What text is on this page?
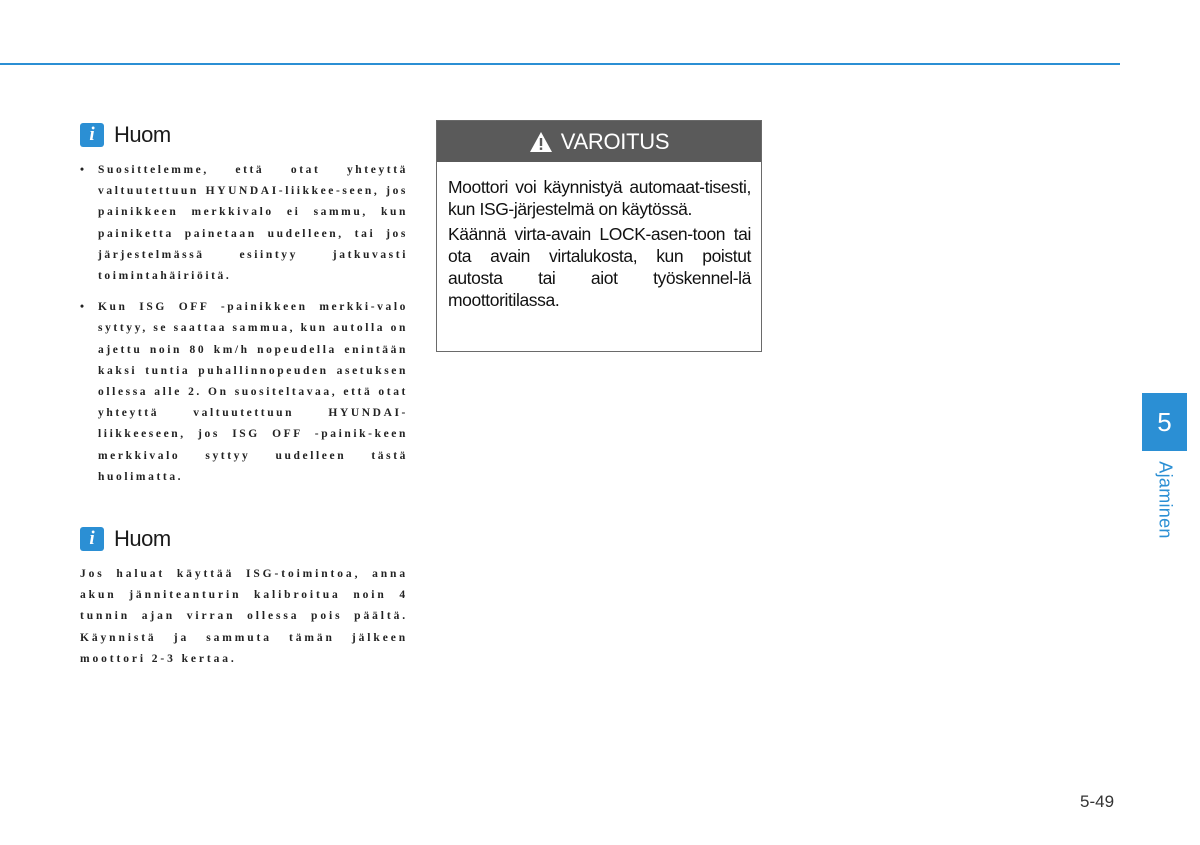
i Huom
• Suosittelemme, että otat yhteyttä valtuutettuun HYUNDAI-liikkee-seen, jos painikkeen merkkivalo ei sammu, kun painiketta painetaan uudelleen, tai jos järjestelmässä esiintyy jatkuvasti toimintahäiriöitä.
• Kun ISG OFF -painikkeen merkki-valo syttyy, se saattaa sammua, kun autolla on ajettu noin 80 km/h nopeudella enintään kaksi tuntia puhallinnopeuden asetuksen ollessa alle 2. On suositeltavaa, että otat yhteyttä valtuutettuun HYUNDAI-liikkeeseen, jos ISG OFF -painik-keen merkkivalo syttyy uudelleen tästä huolimatta.
i Huom

Jos haluat käyttää ISG-toimintoa, anna akun jänniteanturin kalibroitua noin 4 tunnin ajan virran ollessa pois päältä. Käynnistä ja sammuta tämän jälkeen moottori 2-3 kertaa.

VAROITUS

Moottori voi käynnistyä automaat-tisesti, kun ISG-järjestelmä on käytössä.

Käännä virta-avain LOCK-asen-toon tai ota avain virtalukosta, kun poistut autosta tai aiot työskennel-lä moottoritilassa.

5
Ajaminen
5-49
